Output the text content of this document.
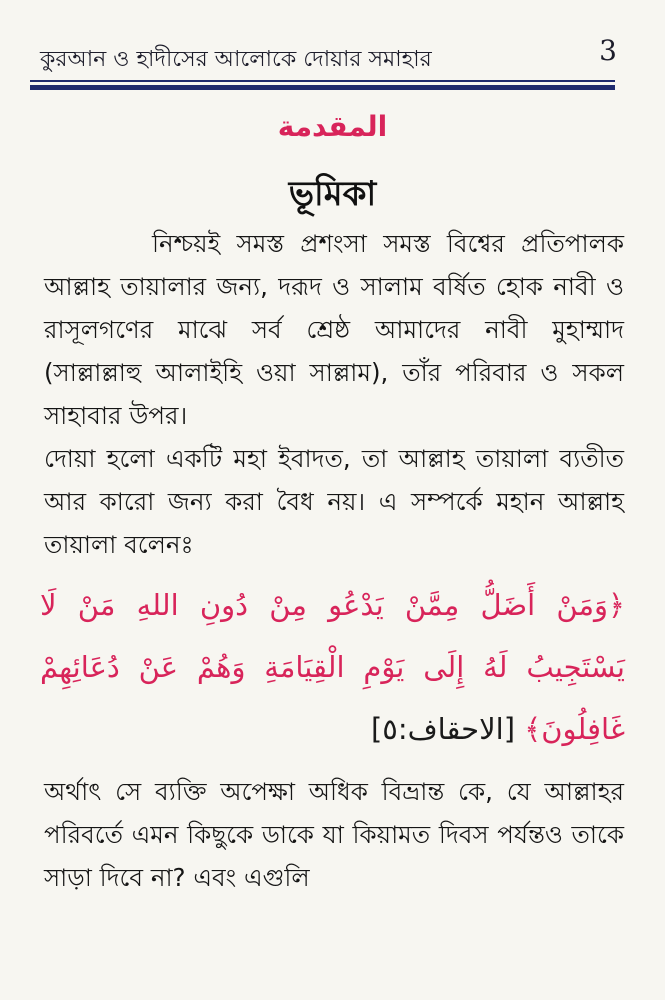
কুরআন ও হাদীসের আলোকে দোয়ার সমাহার	3
المقدمة
ভূমিকা
নিশ্চয়ই সমস্ত প্রশংসা সমস্ত বিশ্বের প্রতিপালক আল্লাহ তায়ালার জন্য, দরূদ ও সালাম বর্ষিত হোক নাবী ও রাসূলগণের মাঝে সর্ব শ্রেষ্ঠ আমাদের নাবী মুহাম্মাদ (সাল্লাল্লাহু আলাইহি ওয়া সাল্লাম), তাঁর পরিবার ও সকল সাহাবার উপর।
দোয়া হলো একটি মহা ইবাদত, তা আল্লাহ তায়ালা ব্যতীত আর কারো জন্য করা বৈধ নয়। এ সম্পর্কে মহান আল্লাহ তায়ালা বলেনঃ
﴿وَمَنْ أَضَلُّ مِمَّنْ يَدْعُو مِنْ دُونِ اللهِ مَنْ لَا يَسْتَجِيبُ لَهُ إِلَى يَوْمِ الْقِيَامَةِ وَهُمْ عَنْ دُعَائِهِمْ غَافِلُونَ﴾ [الاحقاف:٥]
অর্থাৎ সে ব্যক্তি অপেক্ষা অধিক বিভ্রান্ত কে, যে আল্লাহর পরিবর্তে এমন কিছুকে ডাকে যা কিয়ামত দিবস পর্যন্তও তাকে সাড়া দিবে না? এবং এগুলি
